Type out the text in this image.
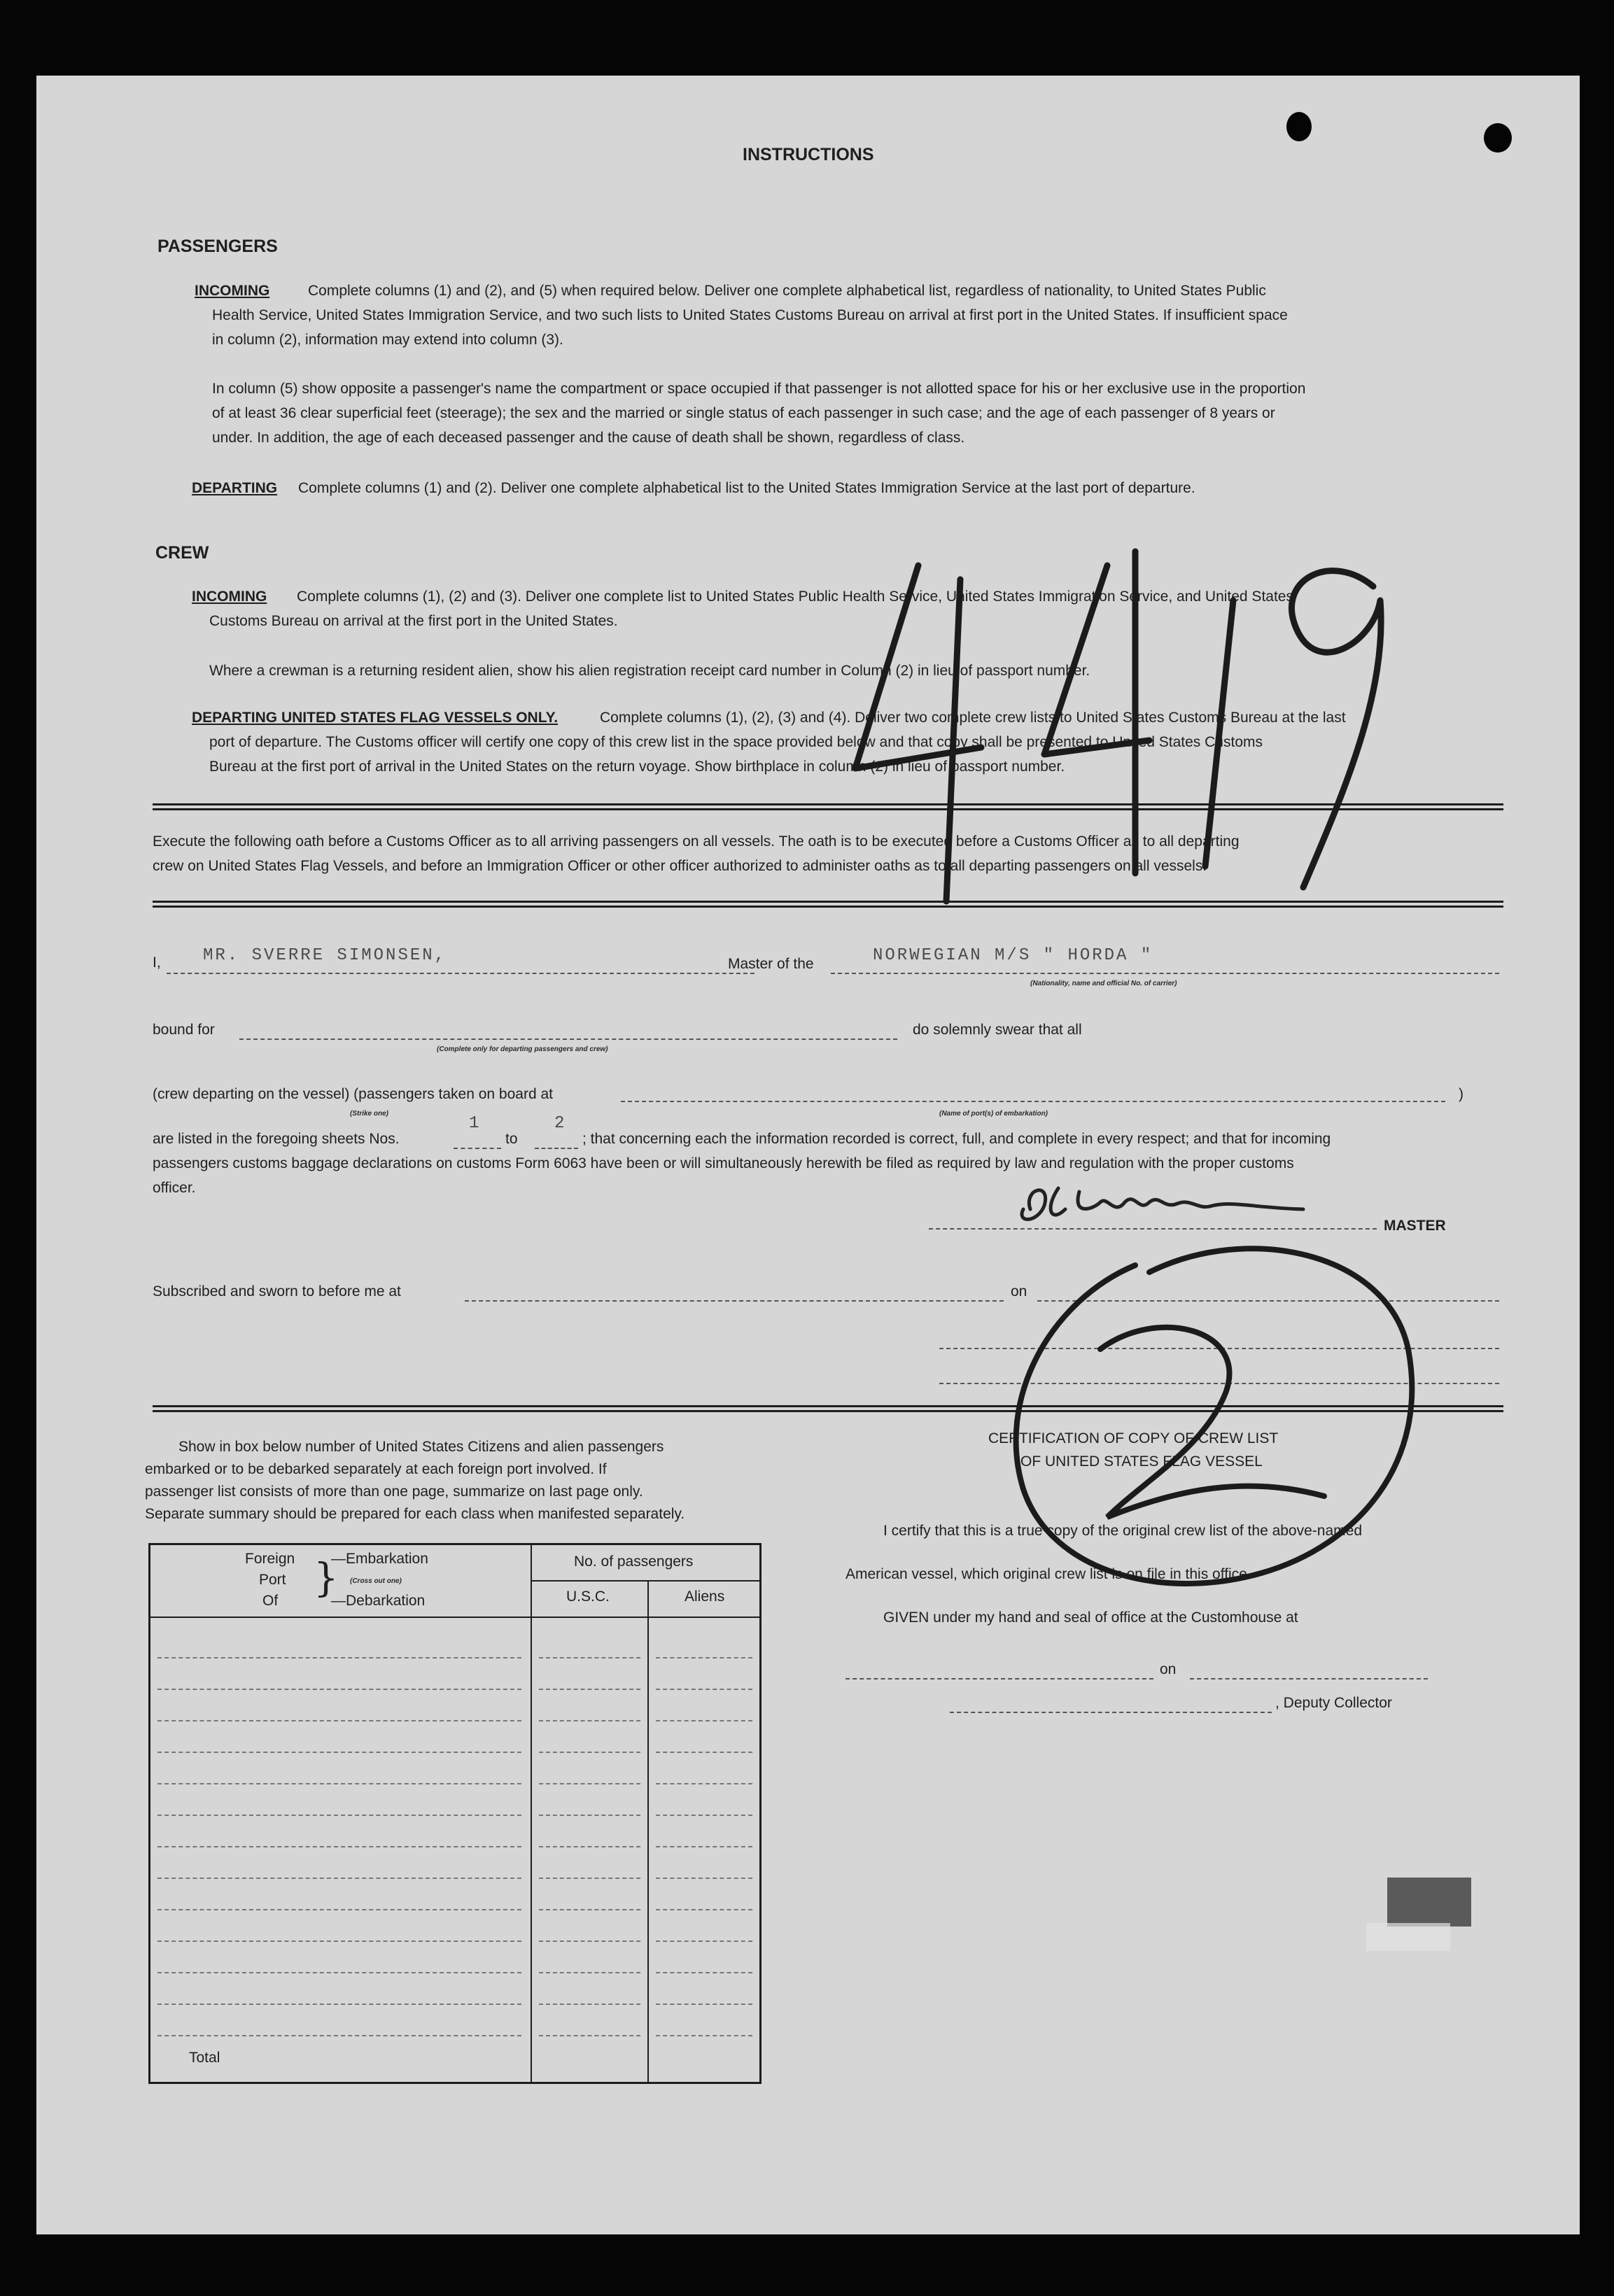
INSTRUCTIONS
PASSENGERS
INCOMING	Complete columns (1) and (2), and (5) when required below. Deliver one complete alphabetical list, regardless of nationality, to United States Public
Health Service, United States Immigration Service, and two such lists to United States Customs Bureau on arrival at first port in the United States. If insufficient space
in column (2), information may extend into column (3).
In column (5) show opposite a passenger's name the compartment or space occupied if that passenger is not allotted space for his or her exclusive use in the proportion
of at least 36 clear superficial feet (steerage); the sex and the married or single status of each passenger in such case; and the age of each passenger of 8 years or
under. In addition, the age of each deceased passenger and the cause of death shall be shown, regardless of class.
DEPARTING Complete columns (1) and (2). Deliver one complete alphabetical list to the United States Immigration Service at the last port of departure.
CREW
INCOMING Complete columns (1), (2) and (3). Deliver one complete list to United States Public Health Service, United States Immigration Service, and United States
Customs Bureau on arrival at the first port in the United States.
Where a crewman is a returning resident alien, show his alien registration receipt card number in Column (2) in lieu of passport number.
DEPARTING UNITED STATES FLAG VESSELS ONLY.	Complete columns (1), (2), (3) and (4). Deliver two complete crew lists to United States Customs Bureau at the last
port of departure. The Customs officer will certify one copy of this crew list in the space provided below and that copy shall be presented to United States Customs
Bureau at the first port of arrival in the United States on the return voyage. Show birthplace in column (2) in lieu of passport number.
Execute the following oath before a Customs Officer as to all arriving passengers on all vessels. The oath is to be executed before a Customs Officer as to all departing
crew on United States Flag Vessels, and before an Immigration Officer or other officer authorized to administer oaths as to all departing passengers on all vessels.
I,	MR. SVERRE SIMONSEN,	Master of the	NORWEGIAN M/S " HORDA "
(Nationality, name and official No. of carrier)
bound for
(Complete only for departing passengers and crew)
do solemnly swear that all
(crew departing on the vessel) (passengers taken on board at	)
(Strike one)	(Name of port(s) of embarkation)
are listed in the foregoing sheets Nos.
1
to
2
; that concerning each the information recorded is correct, full, and complete in every respect; and that for incoming
passengers customs baggage declarations on customs Form 6063 have been or will simultaneously herewith be filed as required by law and regulation with the proper customs
officer.
MASTER
Subscribed and sworn to before me at	on
Show in box below number of United States Citizens and alien passengers
embarked or to be debarked separately at each foreign port involved. If
passenger list consists of more than one page, summarize on last page only.
Separate summary should be prepared for each class when manifested separately.
Foreign
Port
Of }
—Embarkation
(Cross out one)
—Debarkation
No. of passengers
U.S.C.	Aliens
Total
CERTIFICATION OF COPY OF CREW LIST
OF UNITED STATES FLAG VESSEL
I certify that this is a true copy of the original crew list of the above-named
American vessel, which original crew list is on file in this office.
GIVEN under my hand and seal of office at the Customhouse at
on
, Deputy Collector
